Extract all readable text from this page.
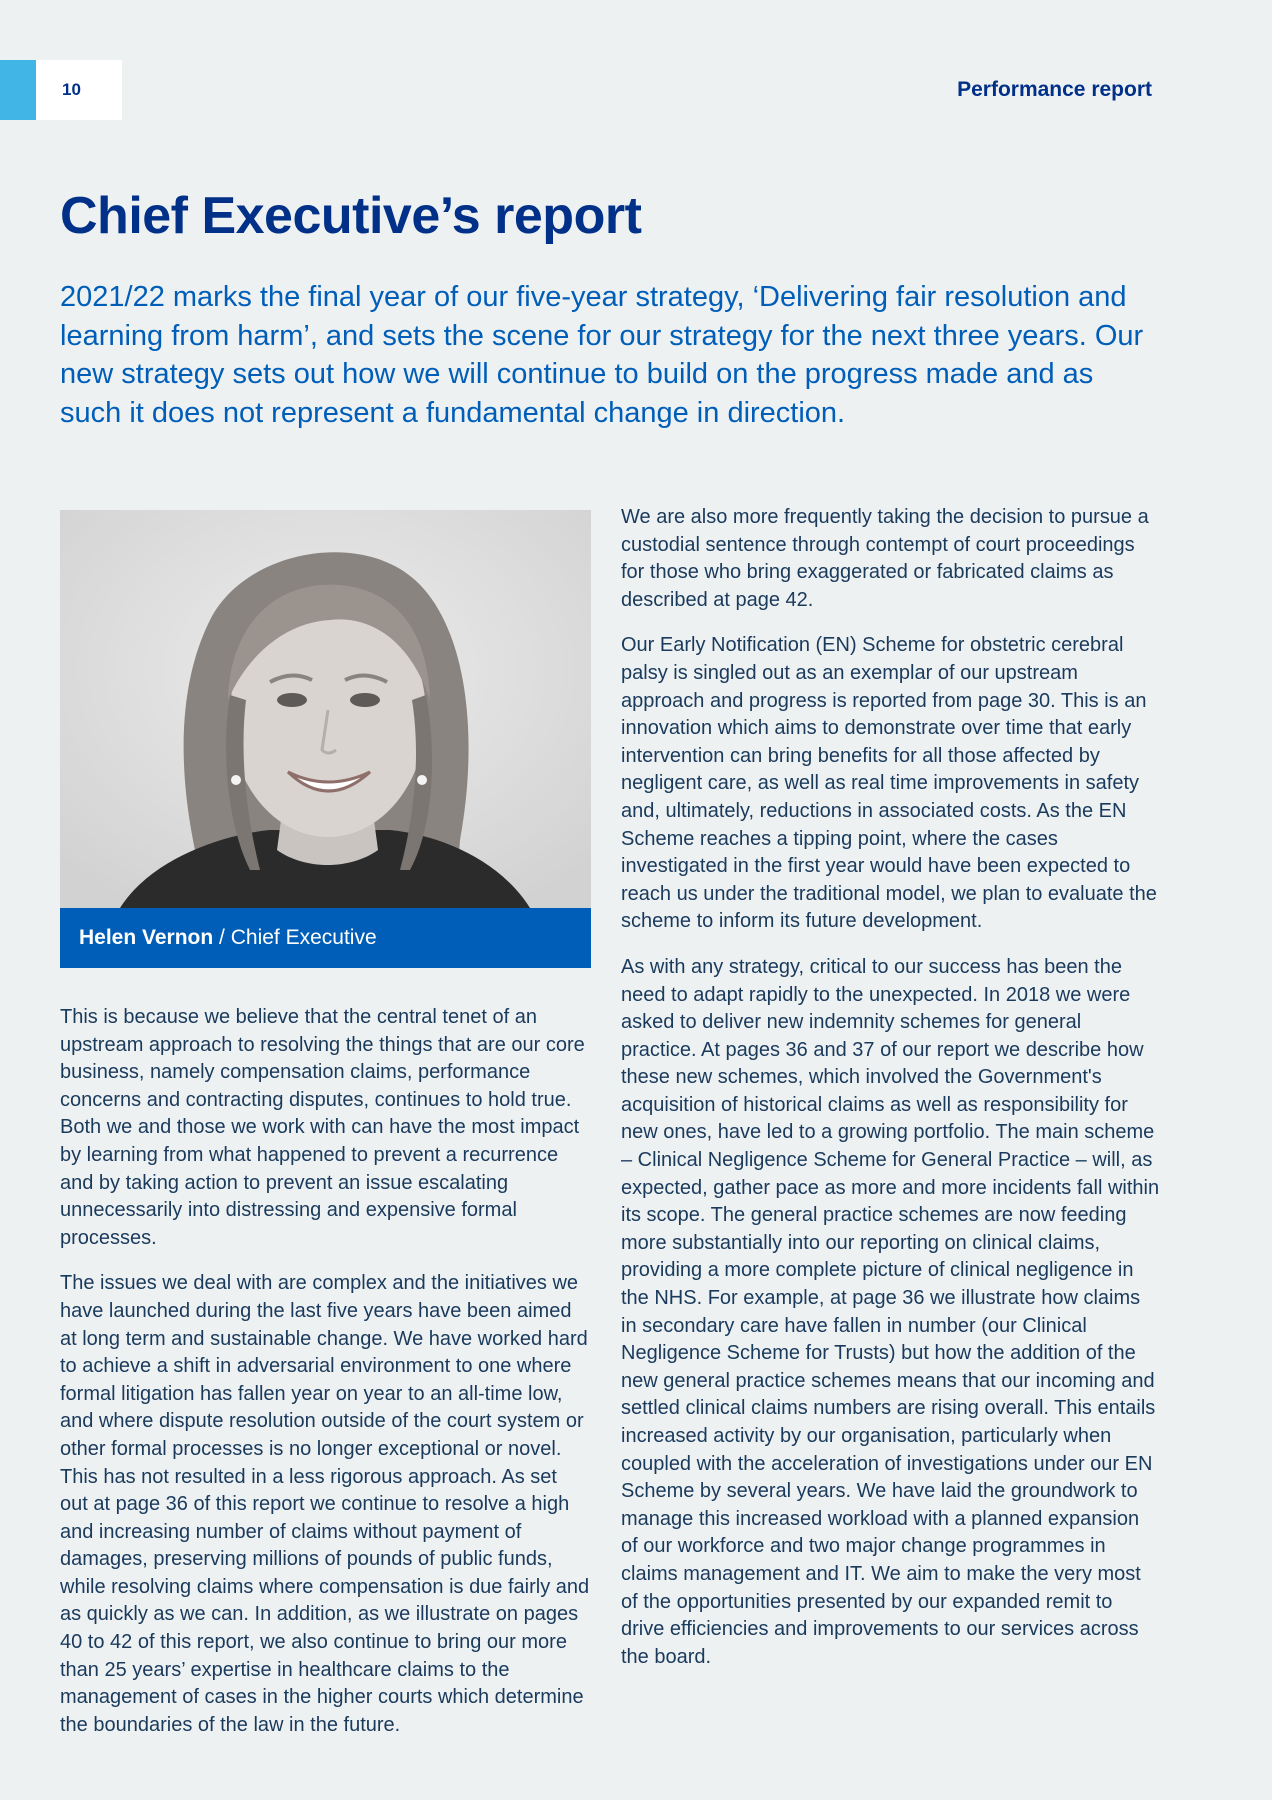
10	Performance report
Chief Executive’s report

2021/22 marks the final year of our five-year strategy, ‘Delivering fair resolution and learning from harm’, and sets the scene for our strategy for the next three years. Our new strategy sets out how we will continue to build on the progress made and as such it does not represent a fundamental change in direction.

Helen Vernon / Chief Executive

This is because we believe that the central tenet of an upstream approach to resolving the things that are our core business, namely compensation claims, performance concerns and contracting disputes, continues to hold true. Both we and those we work with can have the most impact by learning from what happened to prevent a recurrence and by taking action to prevent an issue escalating unnecessarily into distressing and expensive formal processes.

The issues we deal with are complex and the initiatives we have launched during the last five years have been aimed at long term and sustainable change. We have worked hard to achieve a shift in adversarial environment to one where formal litigation has fallen year on year to an all-time low, and where dispute resolution outside of the court system or other formal processes is no longer exceptional or novel. This has not resulted in a less rigorous approach. As set out at page 36 of this report we continue to resolve a high and increasing number of claims without payment of damages, preserving millions of pounds of public funds, while resolving claims where compensation is due fairly and as quickly as we can. In addition, as we illustrate on pages 40 to 42 of this report, we also continue to bring our more than 25 years’ expertise in healthcare claims to the management of cases in the higher courts which determine the boundaries of the law in the future.

We are also more frequently taking the decision to pursue a custodial sentence through contempt of court proceedings for those who bring exaggerated or fabricated claims as described at page 42.

Our Early Notification (EN) Scheme for obstetric cerebral palsy is singled out as an exemplar of our upstream approach and progress is reported from page 30. This is an innovation which aims to demonstrate over time that early intervention can bring benefits for all those affected by negligent care, as well as real time improvements in safety and, ultimately, reductions in associated costs. As the EN Scheme reaches a tipping point, where the cases investigated in the first year would have been expected to reach us under the traditional model, we plan to evaluate the scheme to inform its future development.

As with any strategy, critical to our success has been the need to adapt rapidly to the unexpected. In 2018 we were asked to deliver new indemnity schemes for general practice. At pages 36 and 37 of our report we describe how these new schemes, which involved the Government's acquisition of historical claims as well as responsibility for new ones, have led to a growing portfolio. The main scheme – Clinical Negligence Scheme for General Practice – will, as expected, gather pace as more and more incidents fall within its scope. The general practice schemes are now feeding more substantially into our reporting on clinical claims, providing a more complete picture of clinical negligence in the NHS. For example, at page 36 we illustrate how claims in secondary care have fallen in number (our Clinical Negligence Scheme for Trusts) but how the addition of the new general practice schemes means that our incoming and settled clinical claims numbers are rising overall. This entails increased activity by our organisation, particularly when coupled with the acceleration of investigations under our EN Scheme by several years. We have laid the groundwork to manage this increased workload with a planned expansion of our workforce and two major change programmes in claims management and IT. We aim to make the very most of the opportunities presented by our expanded remit to drive efficiencies and improvements to our services across the board.
